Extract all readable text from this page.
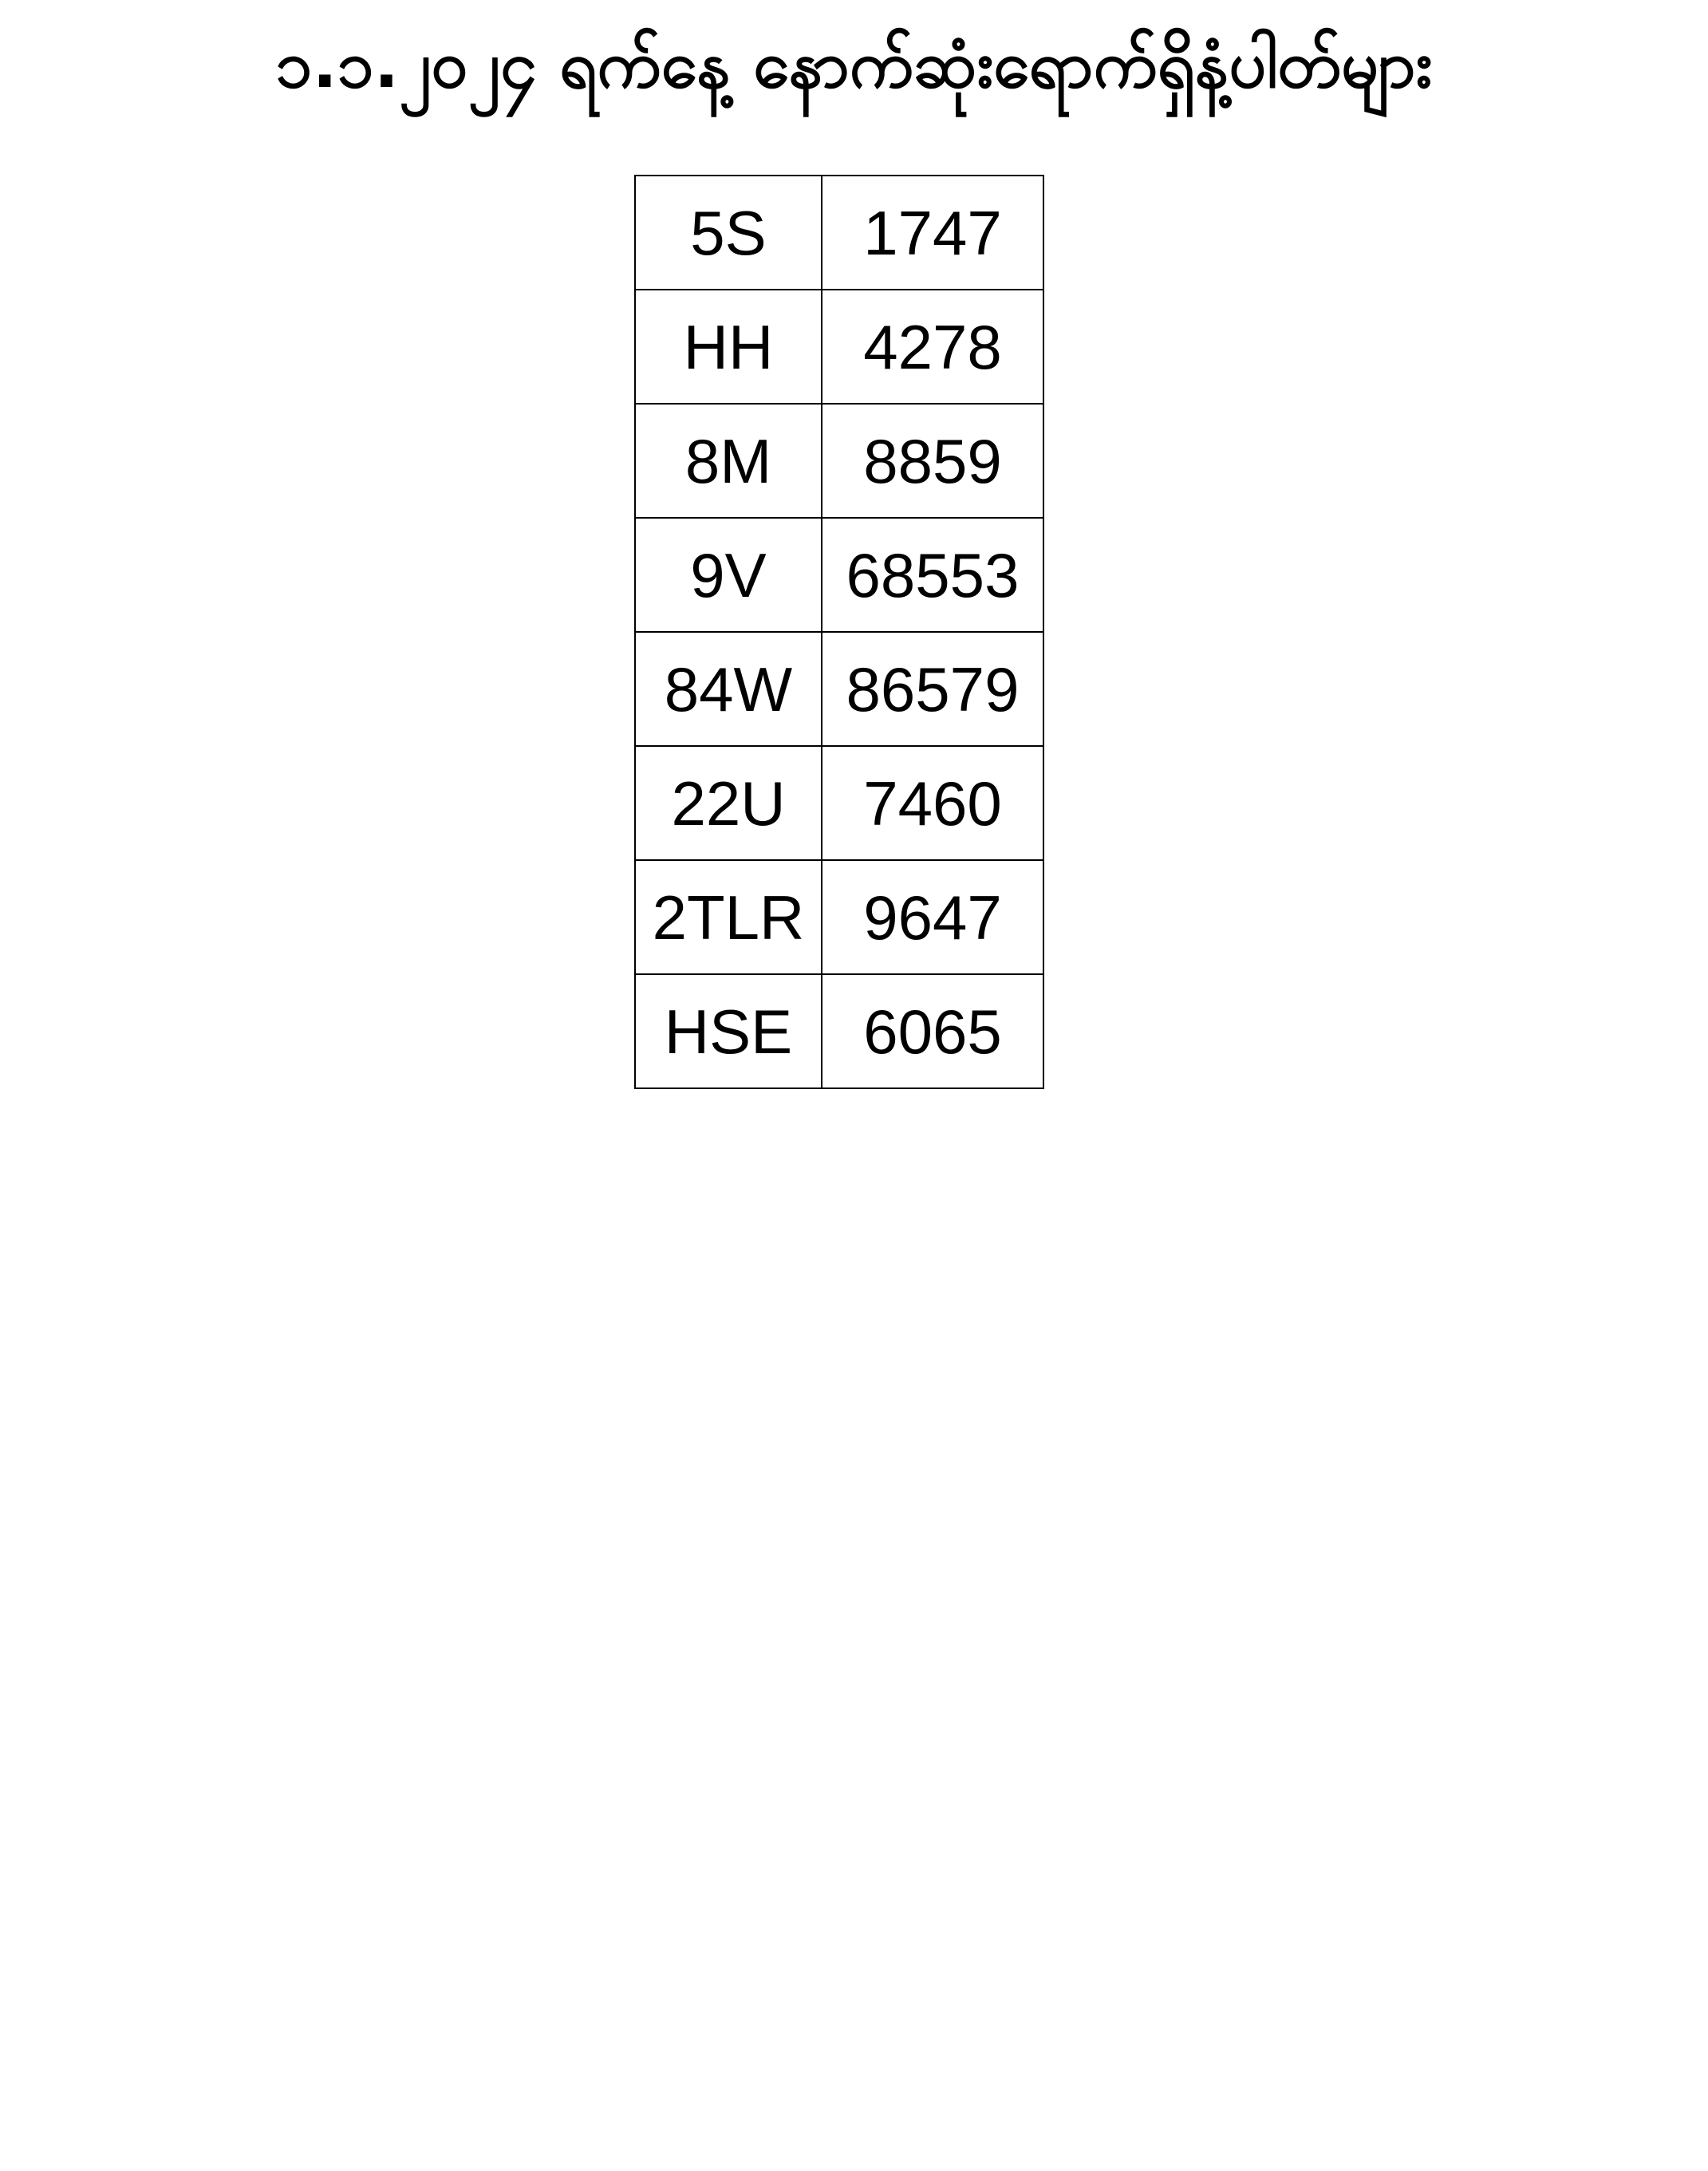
၁.၁.၂၀၂၄ ရက်နေ့ နောက်ဆုံးရောက်ရှိနံ့ပါတ်များ
5S	1747
HH	4278
8M	8859
9V	68553
84W	86579
22U	7460
2TLR	9647
HSE	6065
